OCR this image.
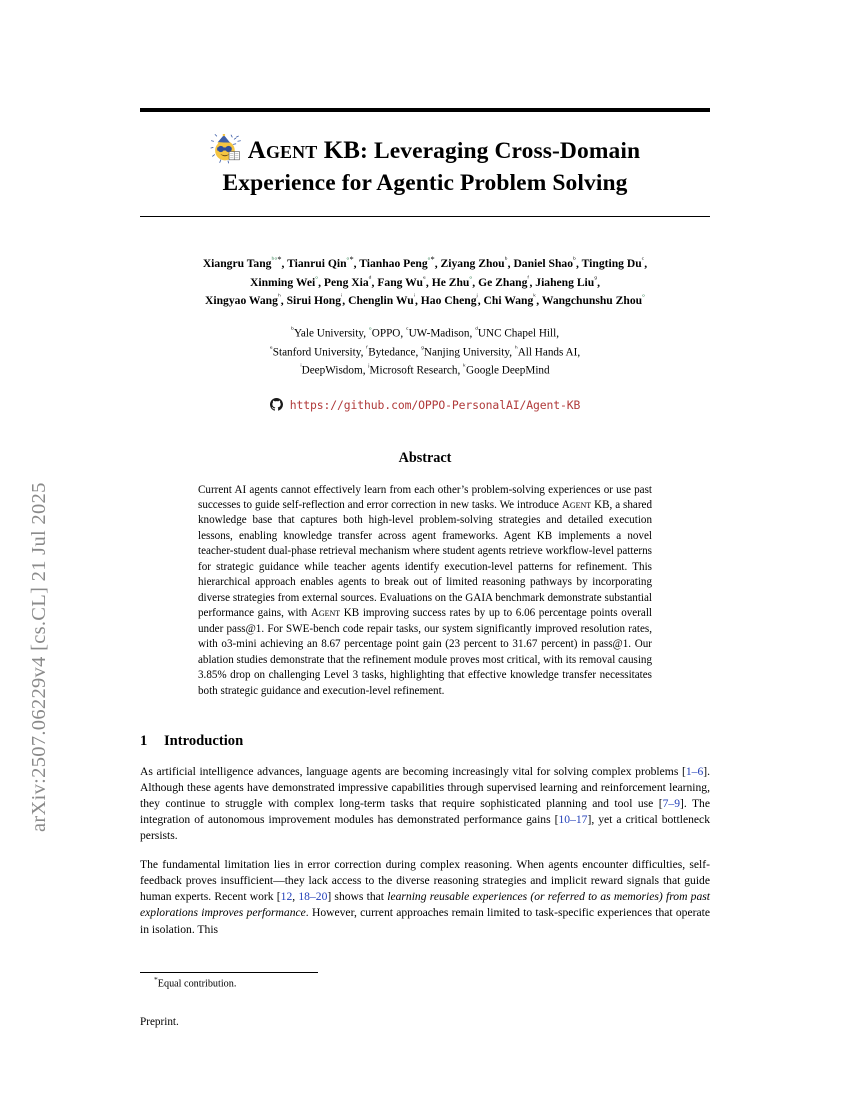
arXiv:2507.06229v4 [cs.CL] 21 Jul 2025
Agent KB: Leveraging Cross-Domain
Experience for Agentic Problem Solving
Xiangru Tang$^{ᵇᵒ*}$, Tianrui Qin$^{ᵒ*}$, Tianhao Peng$^{ᵒ*}$, Ziyang Zhou$^ᵇ$, Daniel Shao$^ᵇ$, Tingting Du$^ᶜ$,
Xinming Wei$^ᵒ$, Peng Xia$^ᵈ$, Fang Wu$^ᵉ$, He Zhu$^ᵒ$, Ge Zhang$^ᶠ$, Jiaheng Liu$^ᵍ$,
Xingyao Wang$^ʰ$, Sirui Hong$^{^i}$, Chenglin Wu$^{^i}$, Hao Cheng$^ʲ$, Chi Wang$^ᵏ$, Wangchunshu Zhou$^ᵒ$
$^ᵇ$Yale University, $^ᵒ$OPPO, $^ᶜ$UW-Madison, $^ᵈ$UNC Chapel Hill,
$^ᵉ$Stanford University, $^ᶠ$Bytedance, $^ᵍ$Nanjing University, $^ʰ$All Hands AI,
$^{^i}$DeepWisdom, $^ʲ$Microsoft Research, $^ᵏ$Google DeepMind
https://github.com/OPPO-PersonalAI/Agent-KB
Abstract
Current AI agents cannot effectively learn from each other’s problem-solving experiences or use past successes to guide self-reflection and error correction in new tasks. We introduce Agent KB, a shared knowledge base that captures both high-level problem-solving strategies and detailed execution lessons, enabling knowledge transfer across agent frameworks. Agent KB implements a novel teacher-student dual-phase retrieval mechanism where student agents retrieve workflow-level patterns for strategic guidance while teacher agents identify execution-level patterns for refinement. This hierarchical approach enables agents to break out of limited reasoning pathways by incorporating diverse strategies from external sources. Evaluations on the GAIA benchmark demonstrate substantial performance gains, with Agent KB improving success rates by up to 6.06 percentage points overall under pass@1. For SWE-bench code repair tasks, our system significantly improved resolution rates, with o3-mini achieving an 8.67 percentage point gain (23 percent to 31.67 percent) in pass@1. Our ablation studies demonstrate that the refinement module proves most critical, with its removal causing 3.85% drop on challenging Level 3 tasks, highlighting that effective knowledge transfer necessitates both strategic guidance and execution-level refinement.
1 Introduction
As artificial intelligence advances, language agents are becoming increasingly vital for solving complex problems [1–6]. Although these agents have demonstrated impressive capabilities through supervised learning and reinforcement learning, they continue to struggle with complex long-term tasks that require sophisticated planning and tool use [7–9]. The integration of autonomous improvement modules has demonstrated performance gains [10–17], yet a critical bottleneck persists.
The fundamental limitation lies in error correction during complex reasoning. When agents encounter difficulties, self-feedback proves insufficient—they lack access to the diverse reasoning strategies and implicit reward signals that guide human experts. Recent work [12, 18–20] shows that learning reusable experiences (or referred to as memories) from past explorations improves performance. However, current approaches remain limited to task-specific experiences that operate in isolation. This
*Equal contribution.
Preprint.
